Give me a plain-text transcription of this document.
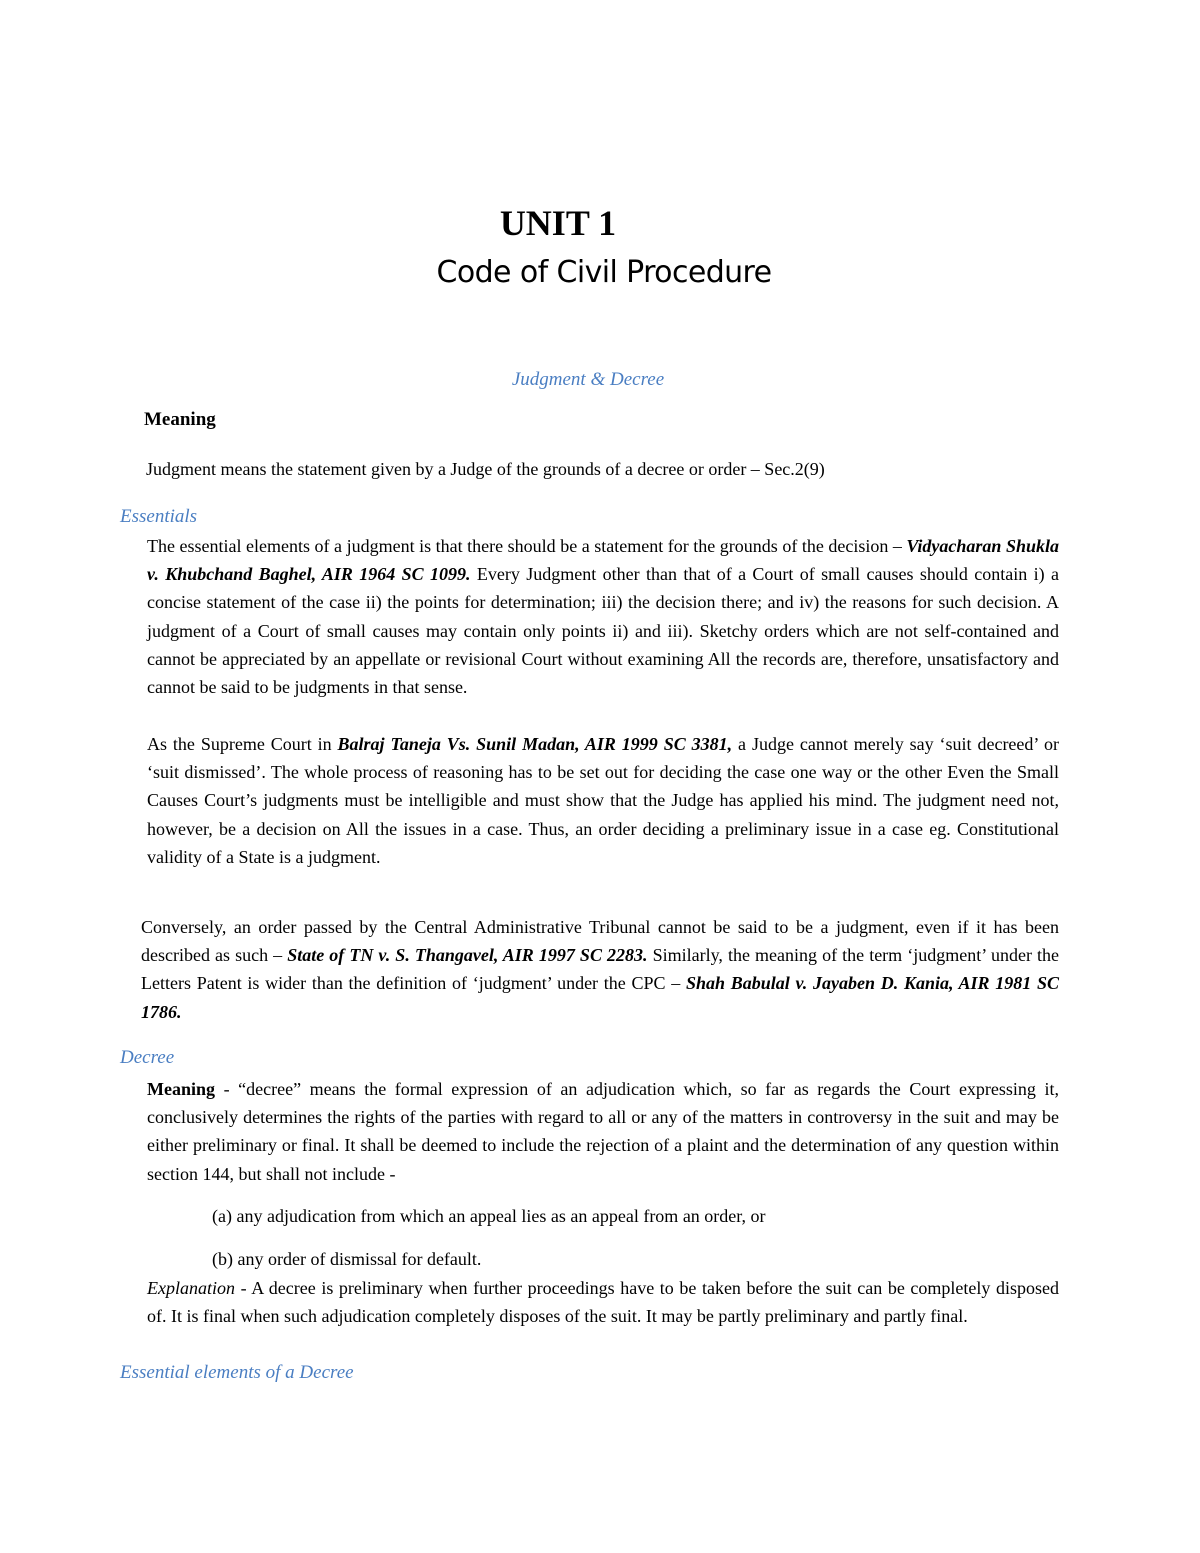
UNIT 1
Code of Civil Procedure
Judgment & Decree
Meaning

Judgment means the statement given by a Judge of the grounds of a decree or order – Sec.2(9)

Essentials

The essential elements of a judgment is that there should be a statement for the grounds of the decision – Vidyacharan Shukla v. Khubchand Baghel, AIR 1964 SC 1099. Every Judgment other than that of a Court of small causes should contain i) a concise statement of the case ii) the points for determination; iii) the decision there; and iv) the reasons for such decision. A judgment of a Court of small causes may contain only points ii) and iii). Sketchy orders which are not self-contained and cannot be appreciated by an appellate or revisional Court without examining All the records are, therefore, unsatisfactory and cannot be said to be judgments in that sense.

As the Supreme Court in Balraj Taneja Vs. Sunil Madan, AIR 1999 SC 3381, a Judge cannot merely say ‘suit decreed’ or ‘suit dismissed’. The whole process of reasoning has to be set out for deciding the case one way or the other Even the Small Causes Court’s judgments must be intelligible and must show that the Judge has applied his mind. The judgment need not, however, be a decision on All the issues in a case. Thus, an order deciding a preliminary issue in a case eg. Constitutional validity of a State is a judgment.

Conversely, an order passed by the Central Administrative Tribunal cannot be said to be a judgment, even if it has been described as such – State of TN v. S. Thangavel, AIR 1997 SC 2283. Similarly, the meaning of the term ‘judgment’ under the Letters Patent is wider than the definition of ‘judgment’ under the CPC – Shah Babulal v. Jayaben D. Kania, AIR 1981 SC 1786.

Decree

Meaning - “decree” means the formal expression of an adjudication which, so far as regards the Court expressing it, conclusively determines the rights of the parties with regard to all or any of the matters in controversy in the suit and may be either preliminary or final. It shall be deemed to include the rejection of a plaint and the determination of any question within section 144, but shall not include -

(a) any adjudication from which an appeal lies as an appeal from an order, or
(b) any order of dismissal for default.

Explanation - A decree is preliminary when further proceedings have to be taken before the suit can be completely disposed of. It is final when such adjudication completely disposes of the suit. It may be partly preliminary and partly final.

Essential elements of a Decree
